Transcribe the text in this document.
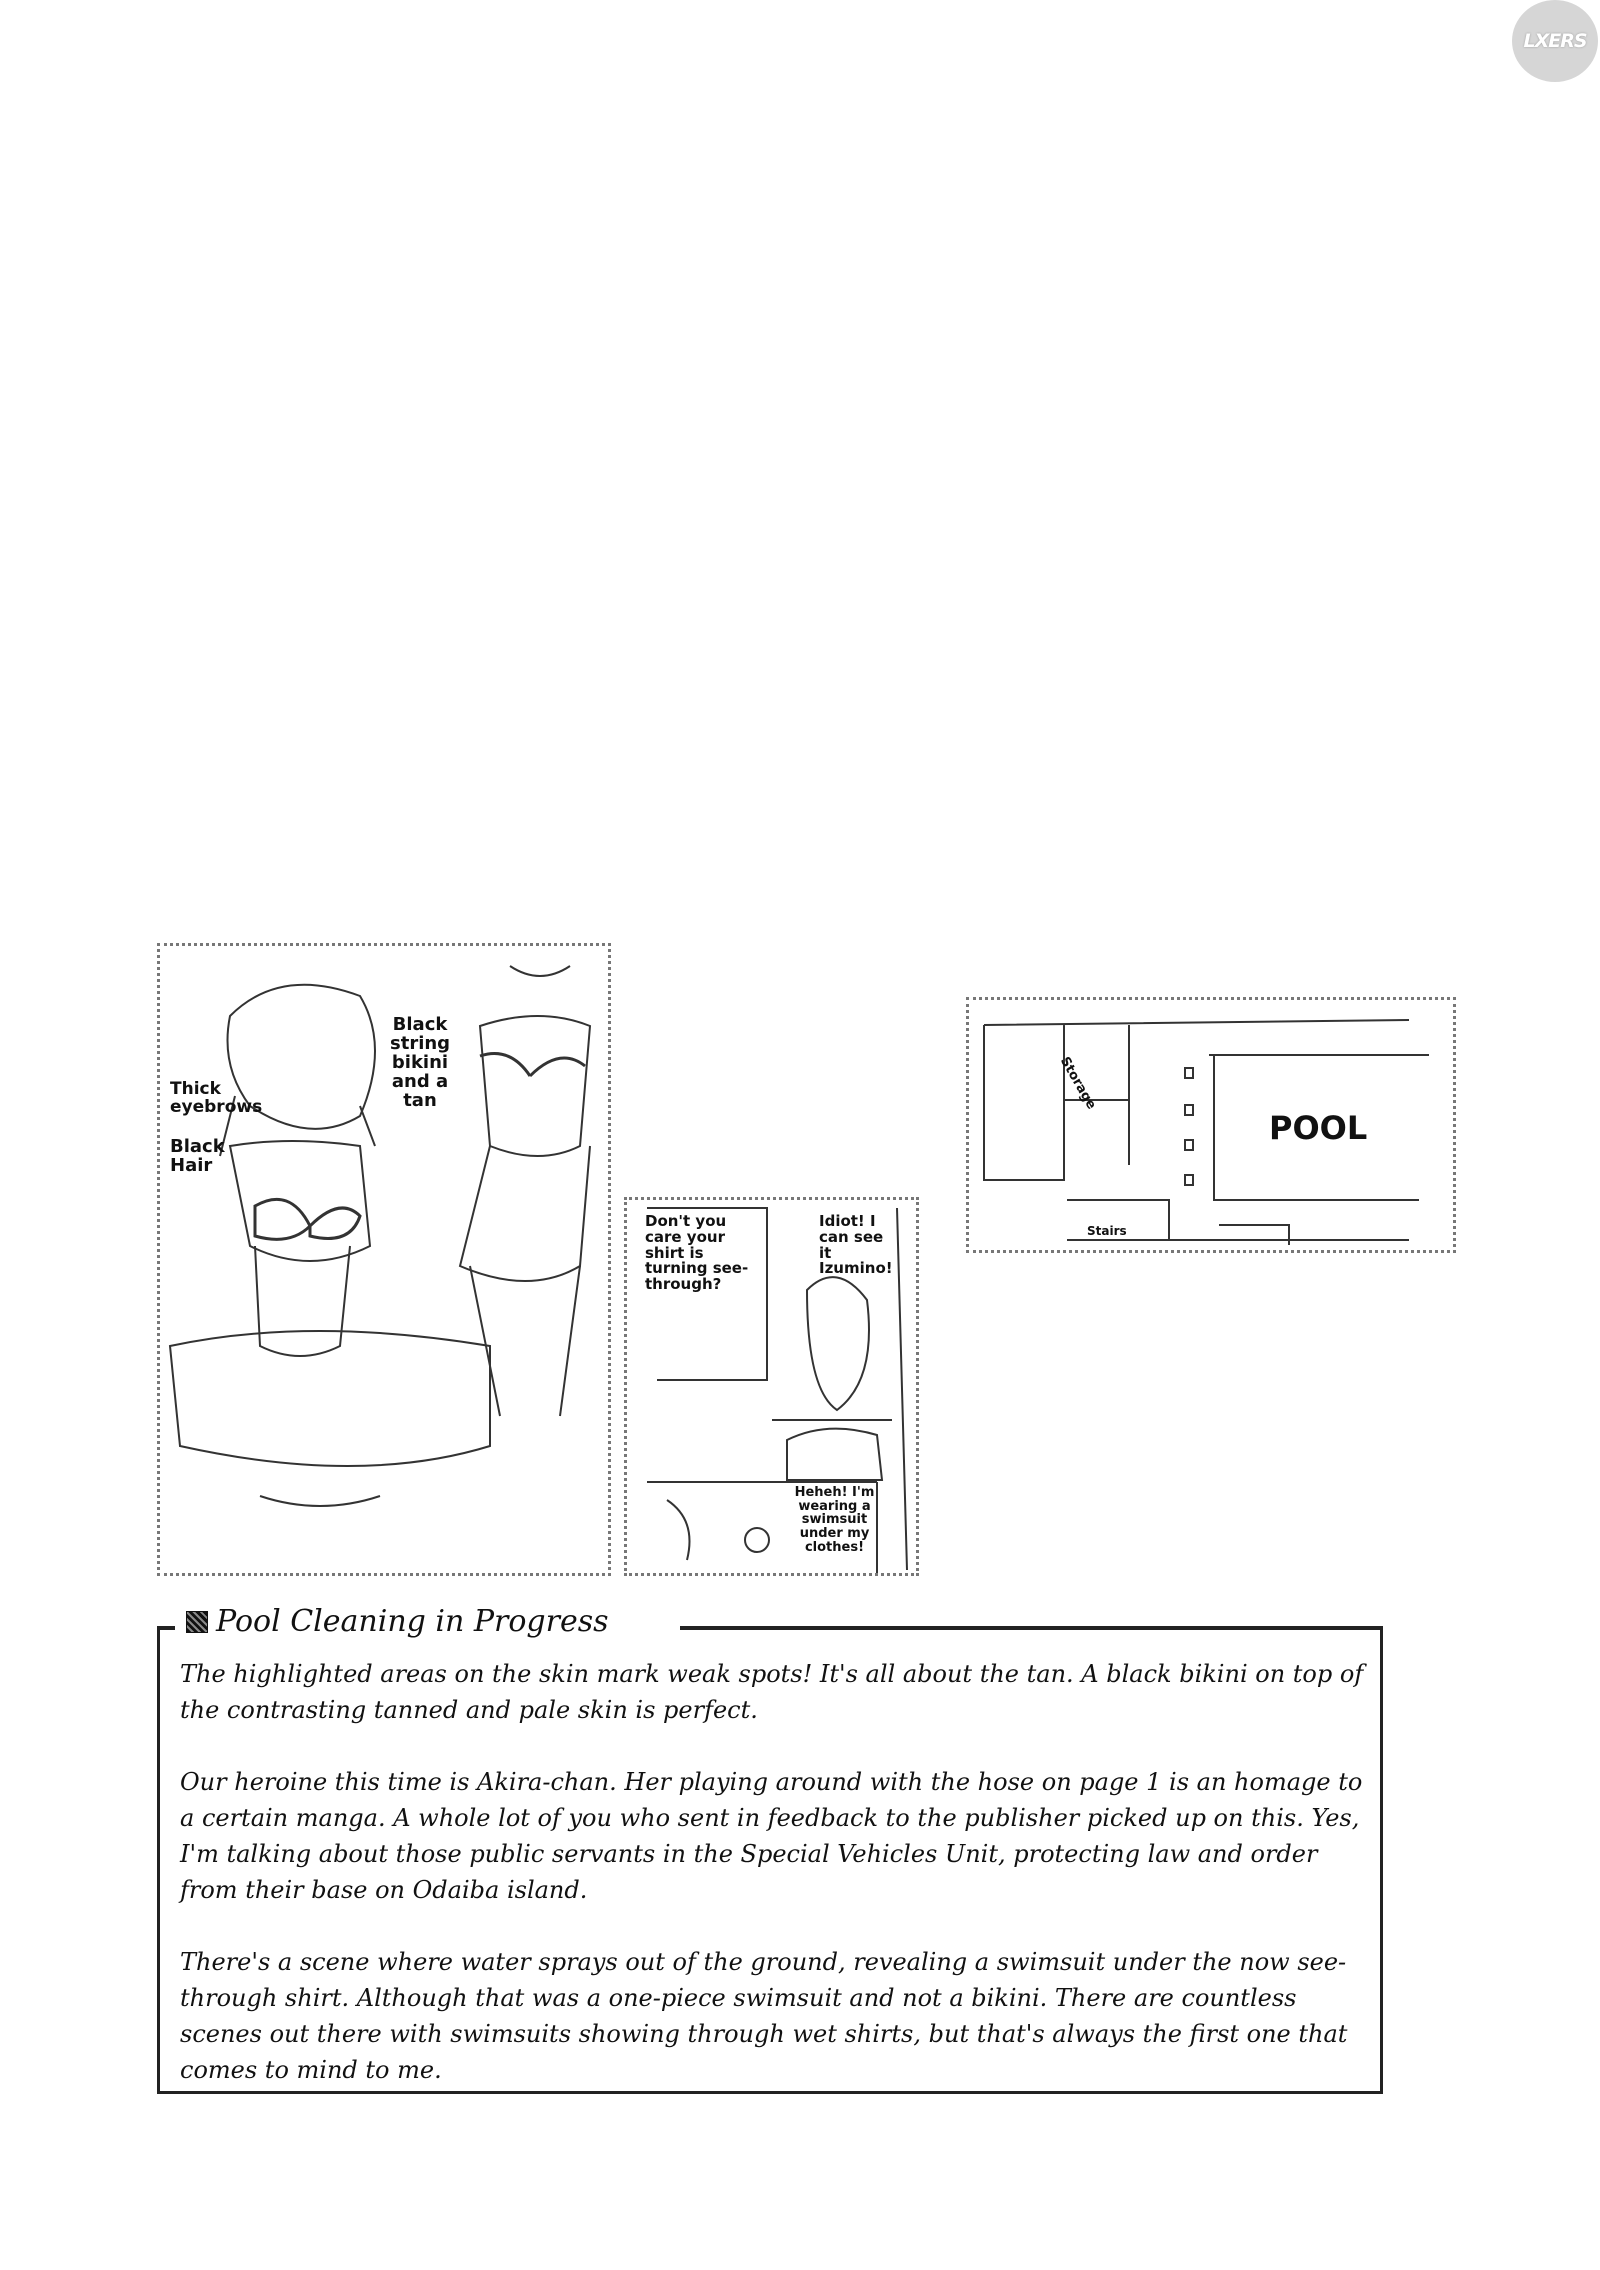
LXERS
Thick eyebrows
Black Hair
Black string bikini and a tan
Don't you care your shirt is turning see-through?
Idiot! I can see it Izumino!
Heheh! I'm wearing a swimsuit under my clothes!
POOL
Storage
Stairs
Pool Cleaning in Progress

The highlighted areas on the skin mark weak spots! It's all about the tan. A black bikini on top of the contrasting tanned and pale skin is perfect.

Our heroine this time is Akira-chan. Her playing around with the hose on page 1 is an homage to a certain manga. A whole lot of you who sent in feedback to the publisher picked up on this. Yes, I'm talking about those public servants in the Special Vehicles Unit, protecting law and order from their base on Odaiba island.

There's a scene where water sprays out of the ground, revealing a swimsuit under the now see-through shirt. Although that was a one-piece swimsuit and not a bikini. There are countless scenes out there with swimsuits showing through wet shirts, but that's always the first one that comes to mind to me.
